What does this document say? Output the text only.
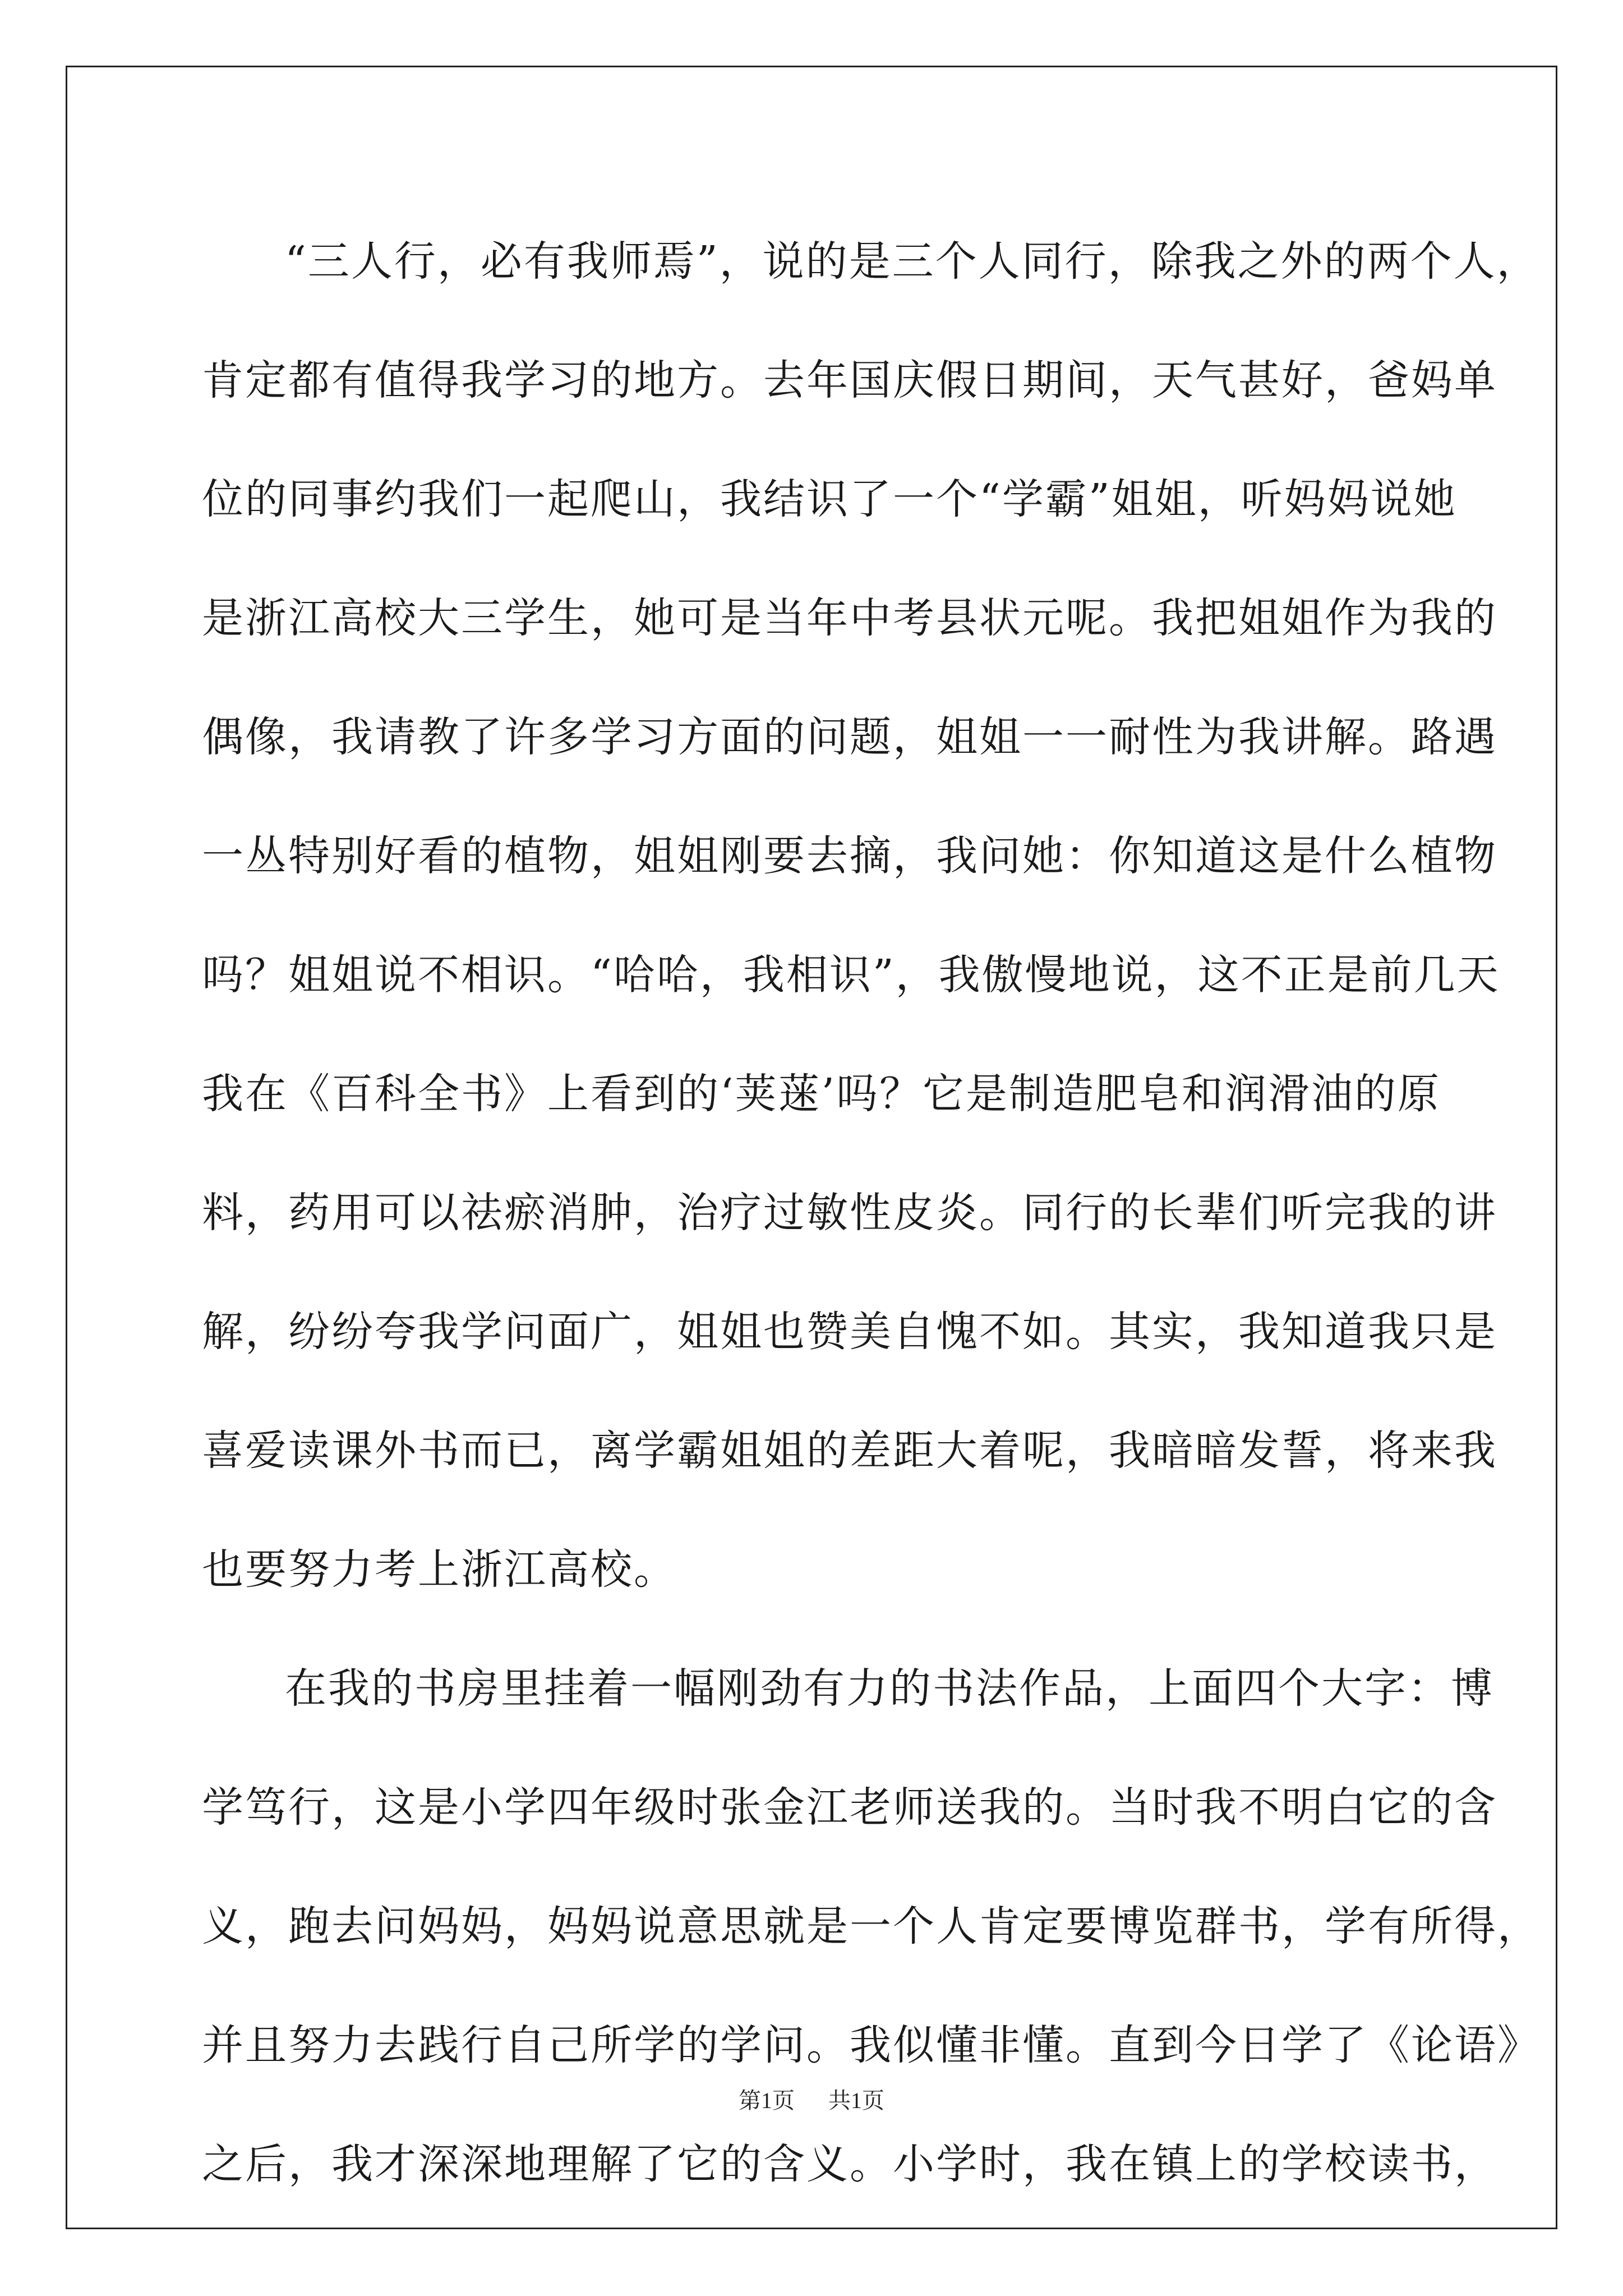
“三人行，必有我师焉”，说的是三个人同行，除我之外的两个人，
肯定都有值得我学习的地方。去年国庆假日期间，天气甚好，爸妈单
位的同事约我们一起爬山，我结识了一个“学霸”姐姐，听妈妈说她
是浙江高校大三学生，她可是当年中考县状元呢。我把姐姐作为我的
偶像，我请教了许多学习方面的问题，姐姐一一耐性为我讲解。路遇
一丛特别好看的植物，姐姐刚要去摘，我问她：你知道这是什么植物
吗？姐姐说不相识。“哈哈，我相识”，我傲慢地说，这不正是前几天
我在《百科全书》上看到的‘荚蒾’吗？它是制造肥皂和润滑油的原
料，药用可以祛瘀消肿，治疗过敏性皮炎。同行的长辈们听完我的讲
解，纷纷夸我学问面广，姐姐也赞美自愧不如。其实，我知道我只是
喜爱读课外书而已，离学霸姐姐的差距大着呢，我暗暗发誓，将来我
也要努力考上浙江高校。
在我的书房里挂着一幅刚劲有力的书法作品，上面四个大字：博
学笃行，这是小学四年级时张金江老师送我的。当时我不明白它的含
义，跑去问妈妈，妈妈说意思就是一个人肯定要博览群书，学有所得，
并且努力去践行自己所学的学问。我似懂非懂。直到今日学了《论语》
之后，我才深深地理解了它的含义。小学时，我在镇上的学校读书，
第1页 共1页
